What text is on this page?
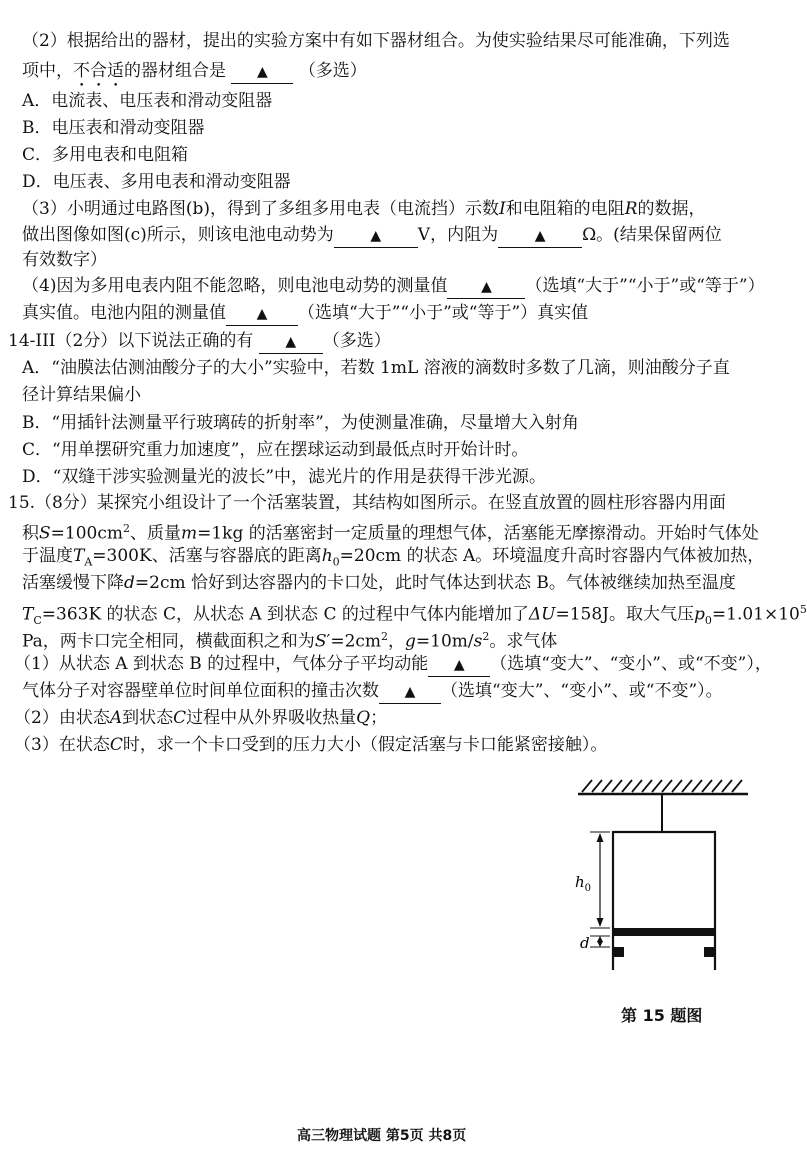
（2）根据给出的器材，提出的实验方案中有如下器材组合。为使实验结果尽可能准确，下列选
项中，不合适的器材组合是 ▲ （多选）
A．电流表、电压表和滑动变阻器
B．电压表和滑动变阻器
C．多用电表和电阻箱
D．电压表、多用电表和滑动变阻器
（3）小明通过电路图(b)，得到了多组多用电表（电流挡）示数I和电阻箱的电阻R的数据，
做出图像如图(c)所示，则该电池电动势为	▲ V，内阻为	▲ Ω。(结果保留两位
有效数字）
（4)因为多用电表内阻不能忽略，则电池电动势的测量值 ▲ （选填“大于”“小于”或“等于”）
真实值。电池内阻的测量值 ▲ （选填“大于”“小于”或“等于”）真实值
14-III（2分）以下说法正确的有 ▲ （多选）
A．“油膜法估测油酸分子的大小”实验中，若数 1mL 溶液的滴数时多数了几滴，则油酸分子直
径计算结果偏小
B．“用插针法测量平行玻璃砖的折射率”，为使测量准确，尽量增大入射角
C．“用单摆研究重力加速度”，应在摆球运动到最低点时开始计时。
D．“双缝干涉实验测量光的波长”中，滤光片的作用是获得干涉光源。
15.（8分）某探究小组设计了一个活塞装置，其结构如图所示。在竖直放置的圆柱形容器内用面
积$S=100cm^2$、质量m=1kg 的活塞密封一定质量的理想气体，活塞能无摩擦滑动。开始时气体处
于温度$T_A=300K$、活塞与容器底的距离$h_0=20cm$ 的状态 A。环境温度升高时容器内气体被加热，
活塞缓慢下降d=2cm 恰好到达容器内的卡口处，此时气体达到状态 B。气体被继续加热至温度
$T_C=363K$ 的状态 C，从状态 A 到状态 C 的过程中气体内能增加了ΔU=158J。取大气压$p_0=1.01\times 10^5$
Pa，两卡口完全相同，横截面积之和为$S'=2cm^2$，$g=10m/s^2$。求气体
（1）从状态 A 到状态 B 的过程中，气体分子平均动能 ▲ （选填“变大”、“变小”、或“不变”），
气体分子对容器壁单位时间单位面积的撞击次数 ▲ （选填“变大”、“变小”、或“不变”）。
（2）由状态A到状态C过程中从外界吸收热量Q；
（3）在状态C时，求一个卡口受到的压力大小（假定活塞与卡口能紧密接触）。
$h_0$
d
第 15 题图
高三物理试题 第5页 共8页
